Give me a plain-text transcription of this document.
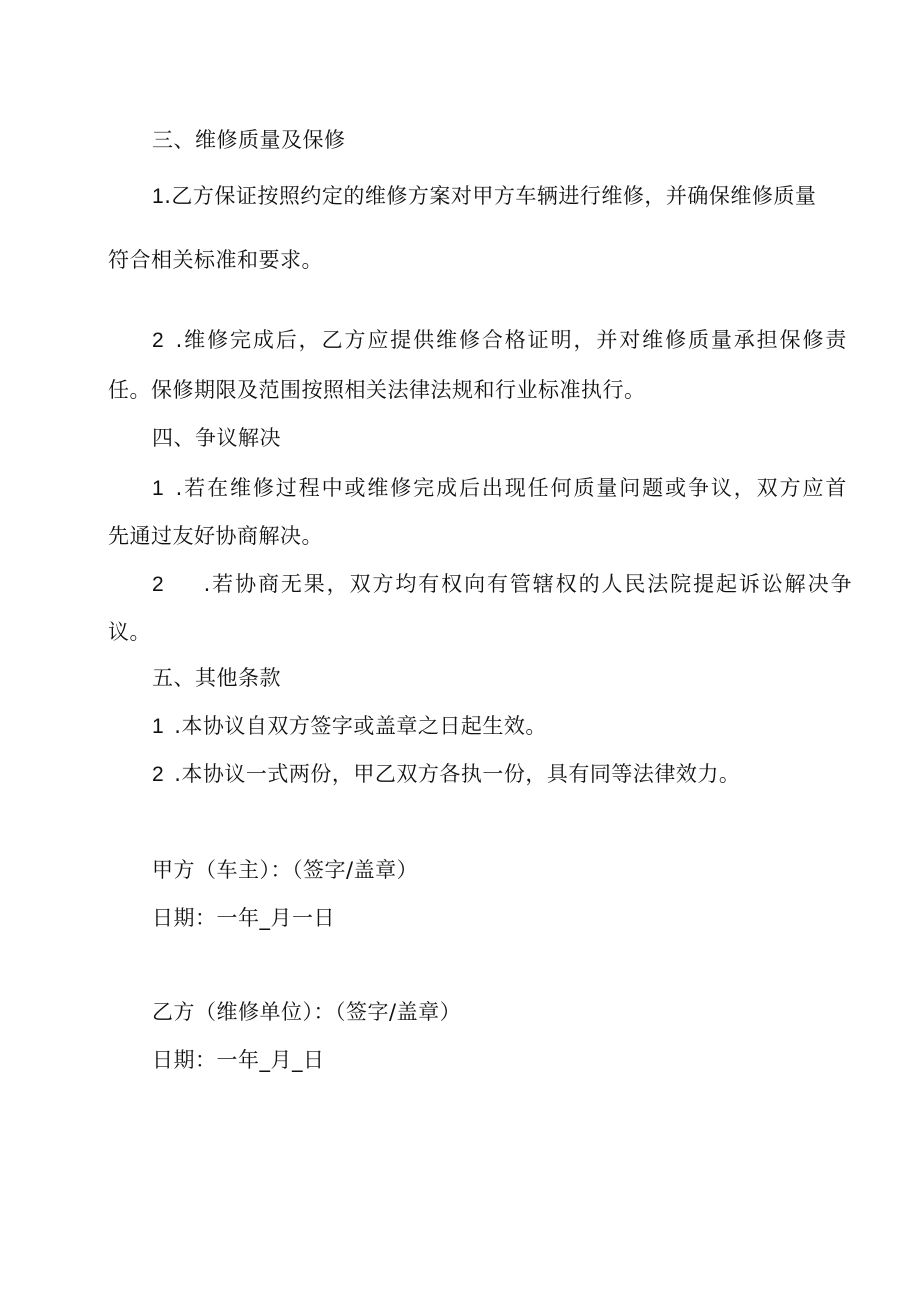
三、维修质量及保修
1.乙方保证按照约定的维修方案对甲方车辆进行维修，并确保维修质量
符合相关标准和要求。
2 .维修完成后，乙方应提供维修合格证明，并对维修质量承担保修责
任。保修期限及范围按照相关法律法规和行业标准执行。
四、争议解决
1 .若在维修过程中或维修完成后出现任何质量问题或争议，双方应首
先通过友好协商解决。
2 .若协商无果，双方均有权向有管辖权的人民法院提起诉讼解决争
议。
五、其他条款
1 .本协议自双方签字或盖章之日起生效。
2 .本协议一式两份，甲乙双方各执一份，具有同等法律效力。
甲方（车主）：（签字/盖章）
日期：一年_月一日
乙方（维修单位）：（签字/盖章）
日期：一年_月_日
